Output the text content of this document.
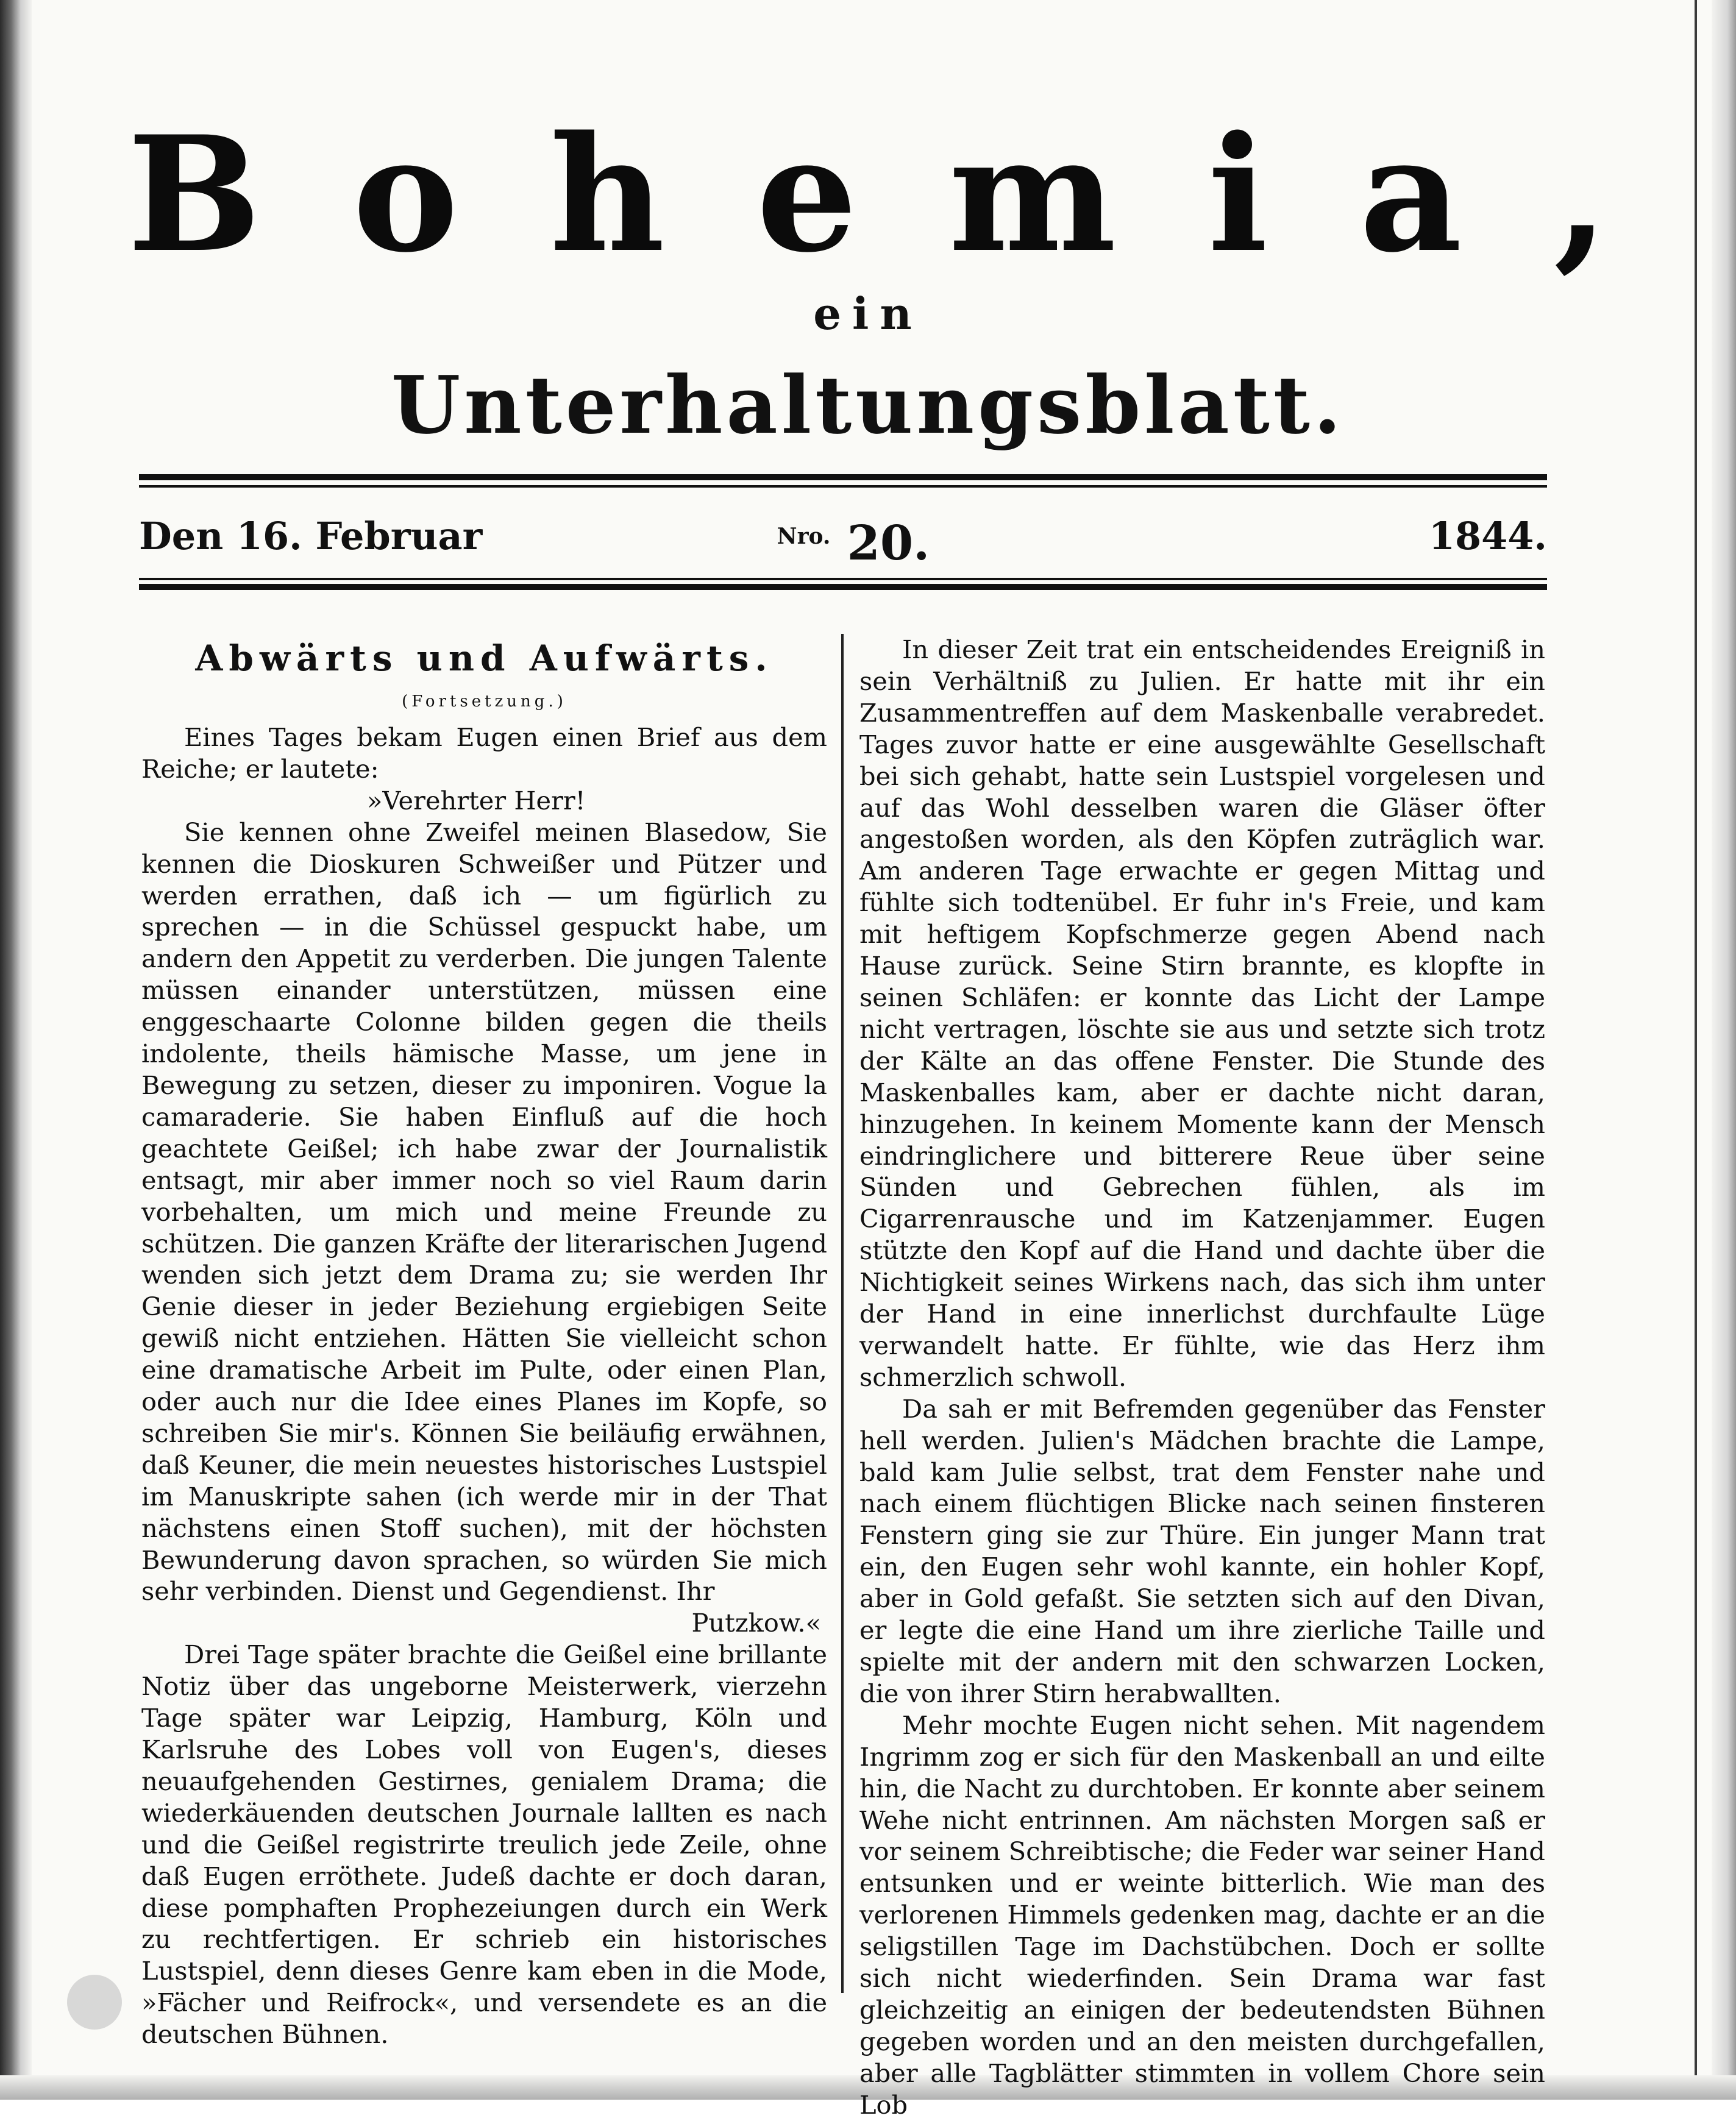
Bohemia,
ein
Unterhaltungsblatt.
Den 16. Februar	$^{Nro.}$ 20.	1844.
Abwärts und Aufwärts.
(Fortsetzung.)

Eines Tages bekam Eugen einen Brief aus dem Reiche; er lautete:

»Verehrter Herr!

Sie kennen ohne Zweifel meinen Blasedow, Sie kennen die Dioskuren Schweißer und Pützer und werden errathen, daß ich — um figürlich zu sprechen — in die Schüssel gespuckt habe, um andern den Appetit zu verderben. Die jungen Talente müssen einander unterstützen, müssen eine enggeschaarte Colonne bilden gegen die theils indolente, theils hämische Masse, um jene in Bewegung zu setzen, dieser zu imponiren. Vogue la camaraderie. Sie haben Einfluß auf die hoch geachtete Geißel; ich habe zwar der Journalistik entsagt, mir aber immer noch so viel Raum darin vorbehalten, um mich und meine Freunde zu schützen. Die ganzen Kräfte der literarischen Jugend wenden sich jetzt dem Drama zu; sie werden Ihr Genie dieser in jeder Beziehung ergiebigen Seite gewiß nicht entziehen. Hätten Sie vielleicht schon eine dramatische Arbeit im Pulte, oder einen Plan, oder auch nur die Idee eines Planes im Kopfe, so schreiben Sie mir's. Können Sie beiläufig erwähnen, daß Keuner, die mein neuestes historisches Lustspiel im Manuskripte sahen (ich werde mir in der That nächstens einen Stoff suchen), mit der höchsten Bewunderung davon sprachen, so würden Sie mich sehr verbinden. Dienst und Gegendienst. Ihr

Putzkow.«

Drei Tage später brachte die Geißel eine brillante Notiz über das ungeborne Meisterwerk, vierzehn Tage später war Leipzig, Hamburg, Köln und Karlsruhe des Lobes voll von Eugen's, dieses neuaufgehenden Gestirnes, genialem Drama; die wiederkäuenden deutschen Journale lallten es nach und die Geißel registrirte treulich jede Zeile, ohne daß Eugen erröthete. Judeß dachte er doch daran, diese pomphaften Prophezeiungen durch ein Werk zu rechtfertigen. Er schrieb ein historisches Lustspiel, denn dieses Genre kam eben in die Mode, »Fächer und Reifrock«, und versendete es an die deutschen Bühnen.

In dieser Zeit trat ein entscheidendes Ereigniß in sein Verhältniß zu Julien. Er hatte mit ihr ein Zusammentreffen auf dem Maskenballe verabredet. Tages zuvor hatte er eine ausgewählte Gesellschaft bei sich gehabt, hatte sein Lustspiel vorgelesen und auf das Wohl desselben waren die Gläser öfter angestoßen worden, als den Köpfen zuträglich war. Am anderen Tage erwachte er gegen Mittag und fühlte sich todtenübel. Er fuhr in's Freie, und kam mit heftigem Kopfschmerze gegen Abend nach Hause zurück. Seine Stirn brannte, es klopfte in seinen Schläfen: er konnte das Licht der Lampe nicht vertragen, löschte sie aus und setzte sich trotz der Kälte an das offene Fenster. Die Stunde des Maskenballes kam, aber er dachte nicht daran, hinzugehen. In keinem Momente kann der Mensch eindringlichere und bitterere Reue über seine Sünden und Gebrechen fühlen, als im Cigarrenrausche und im Katzenjammer. Eugen stützte den Kopf auf die Hand und dachte über die Nichtigkeit seines Wirkens nach, das sich ihm unter der Hand in eine innerlichst durchfaulte Lüge verwandelt hatte. Er fühlte, wie das Herz ihm schmerzlich schwoll.

Da sah er mit Befremden gegenüber das Fenster hell werden. Julien's Mädchen brachte die Lampe, bald kam Julie selbst, trat dem Fenster nahe und nach einem flüchtigen Blicke nach seinen finsteren Fenstern ging sie zur Thüre. Ein junger Mann trat ein, den Eugen sehr wohl kannte, ein hohler Kopf, aber in Gold gefaßt. Sie setzten sich auf den Divan, er legte die eine Hand um ihre zierliche Taille und spielte mit der andern mit den schwarzen Locken, die von ihrer Stirn herabwallten.

Mehr mochte Eugen nicht sehen. Mit nagendem Ingrimm zog er sich für den Maskenball an und eilte hin, die Nacht zu durchtoben. Er konnte aber seinem Wehe nicht entrinnen. Am nächsten Morgen saß er vor seinem Schreibtische; die Feder war seiner Hand entsunken und er weinte bitterlich. Wie man des verlorenen Himmels gedenken mag, dachte er an die seligstillen Tage im Dachstübchen. Doch er sollte sich nicht wiederfinden. Sein Drama war fast gleichzeitig an einigen der bedeutendsten Bühnen gegeben worden und an den meisten durchgefallen, aber alle Tagblätter stimmten in vollem Chore sein Lob
